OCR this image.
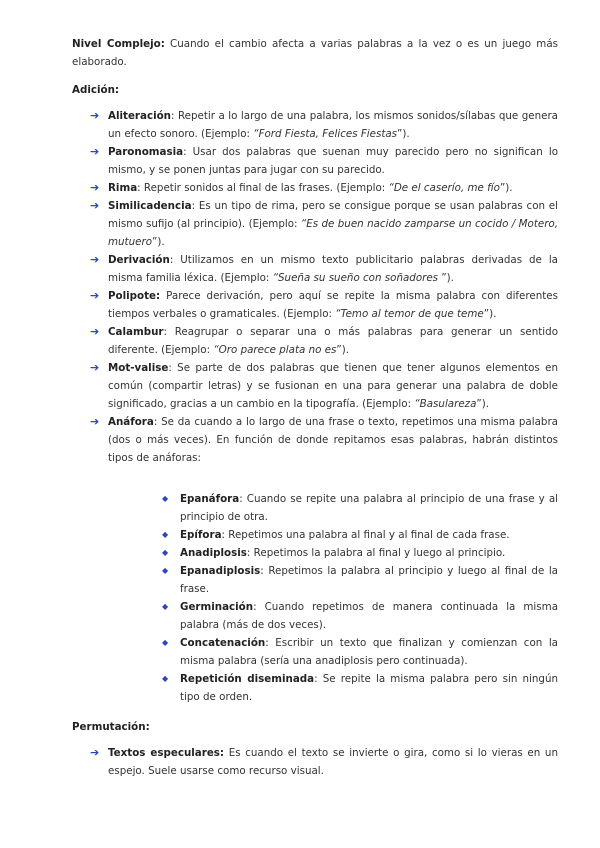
Nivel Complejo: Cuando el cambio afecta a varias palabras a la vez o es un juego más elaborado.

Adición:
➔ Aliteración: Repetir a lo largo de una palabra, los mismos sonidos/sílabas que genera un efecto sonoro. (Ejemplo: “Ford Fiesta, Felices Fiestas”).
➔ Paronomasia: Usar dos palabras que suenan muy parecido pero no significan lo mismo, y se ponen juntas para jugar con su parecido.
➔ Rima: Repetir sonidos al final de las frases. (Ejemplo: “De el caserío, me fío”).
➔ Similicadencia: Es un tipo de rima, pero se consigue porque se usan palabras con el mismo sufijo (al principio). (Ejemplo: “Es de buen nacido zamparse un cocido / Motero, mutuero”).
➔ Derivación: Utilizamos en un mismo texto publicitario palabras derivadas de la misma familia léxica. (Ejemplo: “Sueña su sueño con soñadores ”).
➔ Polipote: Parece derivación, pero aquí se repite la misma palabra con diferentes tiempos verbales o gramaticales. (Ejemplo: “Temo al temor de que teme”).
➔ Calambur: Reagrupar o separar una o más palabras para generar un sentido diferente. (Ejemplo: “Oro parece plata no es”).
➔ Mot-valise: Se parte de dos palabras que tienen que tener algunos elementos en común (compartir letras) y se fusionan en una para generar una palabra de doble significado, gracias a un cambio en la tipografía. (Ejemplo: “Basulareza”).
➔ Anáfora: Se da cuando a lo largo de una frase o texto, repetimos una misma palabra (dos o más veces). En función de donde repitamos esas palabras, habrán distintos tipos de anáforas:
◆ Epanáfora: Cuando se repite una palabra al principio de una frase y al principio de otra.
◆ Epífora: Repetimos una palabra al final y al final de cada frase.
◆ Anadiplosis: Repetimos la palabra al final y luego al principio.
◆ Epanadiplosis: Repetimos la palabra al principio y luego al final de la frase.
◆ Germinación: Cuando repetimos de manera continuada la misma palabra (más de dos veces).
◆ Concatenación: Escribir un texto que finalizan y comienzan con la misma palabra (sería una anadiplosis pero continuada).
◆ Repetición diseminada: Se repite la misma palabra pero sin ningún tipo de orden.
Permutación:
➔ Textos especulares: Es cuando el texto se invierte o gira, como si lo vieras en un espejo. Suele usarse como recurso visual.
